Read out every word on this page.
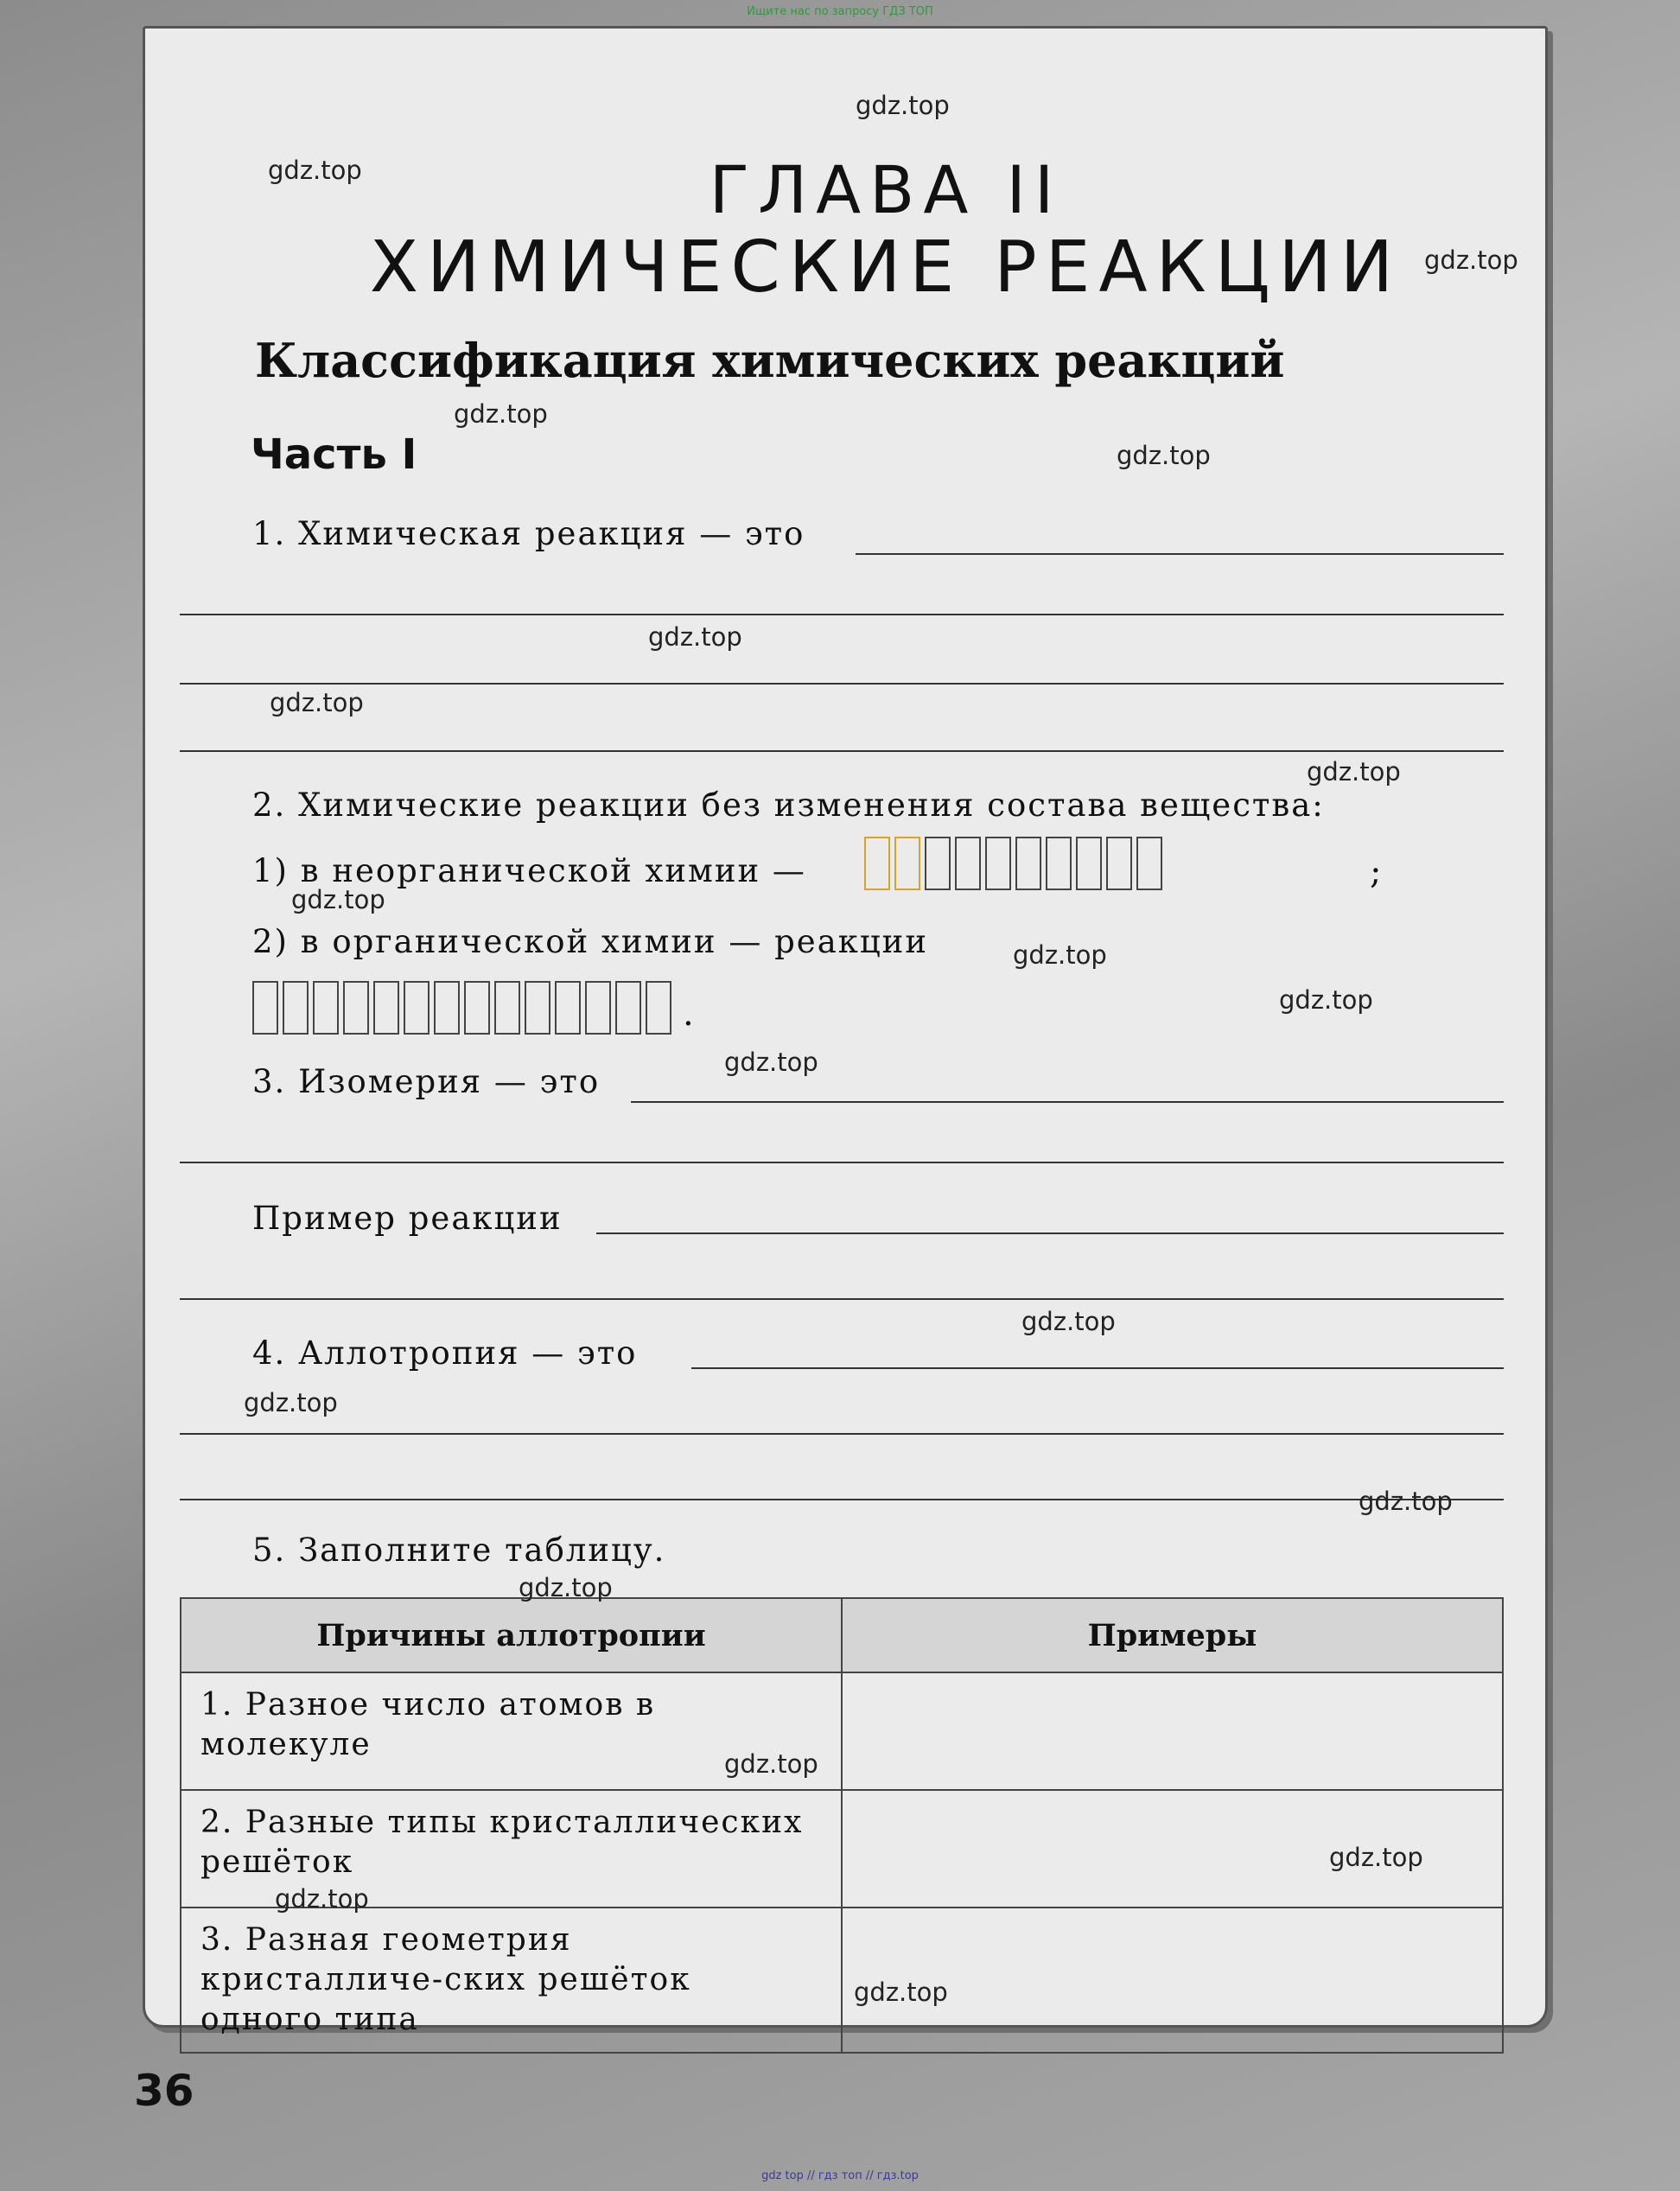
Ищите нас по запросу ГДЗ ТОП
ГЛАВА II
ХИМИЧЕСКИЕ РЕАКЦИИ
Классификация химических реакций
Часть I
1. Химическая реакция — это
2. Химические реакции без изменения состава вещества:
1) в неорганической химии —	;
2) в органической химии — реакции
.
3. Изомерия — это
Пример реакции
4. Аллотропия — это
5. Заполните таблицу.
Причины аллотропии	Примеры
1. Разное число атомов в молекуле	
2. Разные типы кристаллических решёток	
3. Разная геометрия кристалличе-ских решёток одного типа	
36
gdz.top
gdz.top
gdz.top
gdz.top
gdz.top
gdz.top
gdz.top
gdz.top
gdz.top
gdz.top
gdz.top
gdz.top
gdz.top
gdz.top
gdz.top
gdz.top
gdz.top
gdz.top
gdz.top
gdz.top
gdz top // гдз топ // гдз.top
